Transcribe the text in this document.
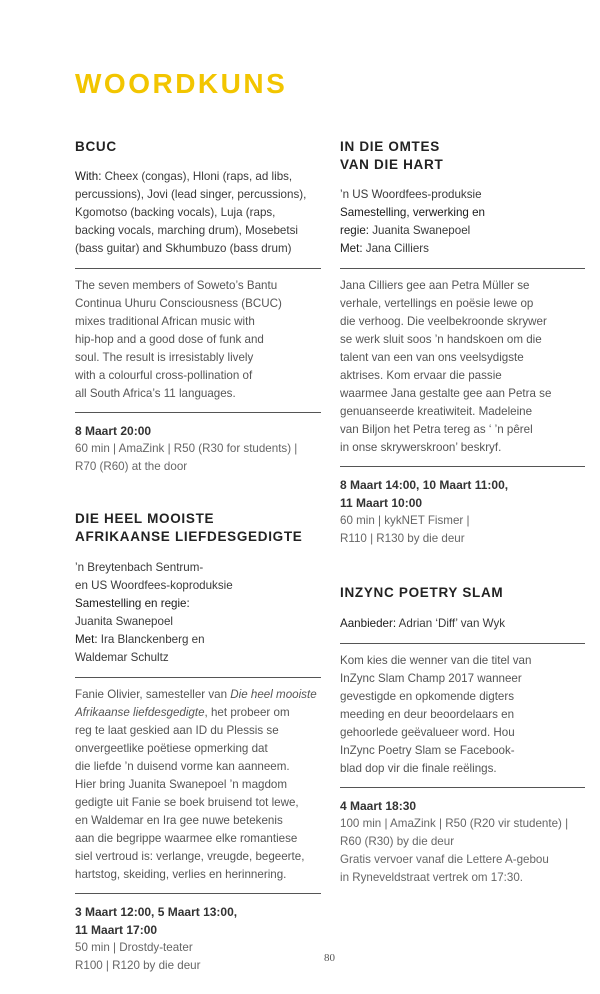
WOORDKUNS
BCUC
With: Cheex (congas), Hloni (raps, ad libs,
percussions), Jovi (lead singer, percussions),
Kgomotso (backing vocals), Luja (raps,
backing vocals, marching drum), Mosebetsi
(bass guitar) and Skhumbuzo (bass drum)
The seven members of Soweto’s Bantu
Continua Uhuru Consciousness (BCUC)
mixes traditional African music with
hip-hop and a good dose of funk and
soul. The result is irresistably lively
with a colourful cross-pollination of
all South Africa’s 11 languages.
8 Maart 20:00
60 min | AmaZink | R50 (R30 for students) |
R70 (R60) at the door
DIE HEEL MOOISTE
AFRIKAANSE LIEFDESGEDIGTE
’n Breytenbach Sentrum-
en US Woordfees-koproduksie
Samestelling en regie:
Juanita Swanepoel
Met: Ira Blanckenberg en
Waldemar Schultz
Fanie Olivier, samesteller van Die heel mooiste
Afrikaanse liefdesgedigte, het probeer om
reg te laat geskied aan ID du Plessis se
onvergeetlike poëtiese opmerking dat
die liefde ’n duisend vorme kan aanneem.
Hier bring Juanita Swanepoel ’n magdom
gedigte uit Fanie se boek bruisend tot lewe,
en Waldemar en Ira gee nuwe betekenis
aan die begrippe waarmee elke romantiese
siel vertroud is: verlange, vreugde, begeerte,
hartstog, skeiding, verlies en herinnering.
3 Maart 12:00, 5 Maart 13:00,
11 Maart 17:00
50 min | Drostdy-teater
R100 | R120 by die deur
IN DIE OMTES
VAN DIE HART
’n US Woordfees-produksie
Samestelling, verwerking en
regie: Juanita Swanepoel
Met: Jana Cilliers
Jana Cilliers gee aan Petra Müller se
verhale, vertellings en poësie lewe op
die verhoog. Die veelbekroonde skrywer
se werk sluit soos ’n handskoen om die
talent van een van ons veelsydigste
aktrises. Kom ervaar die passie
waarmee Jana gestalte gee aan Petra se
genuanseerde kreatiwiteit. Madeleine
van Biljon het Petra tereg as ‘ ’n pêrel
in onse skrywerskroon’ beskryf.
8 Maart 14:00, 10 Maart 11:00,
11 Maart 10:00
60 min | kykNET Fismer |
R110 | R130 by die deur
INZYNC POETRY SLAM
Aanbieder: Adrian ‘Diff’ van Wyk
Kom kies die wenner van die titel van
InZync Slam Champ 2017 wanneer
gevestigde en opkomende digters
meeding en deur beoordelaars en
gehoorlede geëvalueer word. Hou
InZync Poetry Slam se Facebook-
blad dop vir die finale reëlings.
4 Maart 18:30
100 min | AmaZink | R50 (R20 vir studente) |
R60 (R30) by die deur
Gratis vervoer vanaf die Lettere A-gebou
in Ryneveldstraat vertrek om 17:30.
80
